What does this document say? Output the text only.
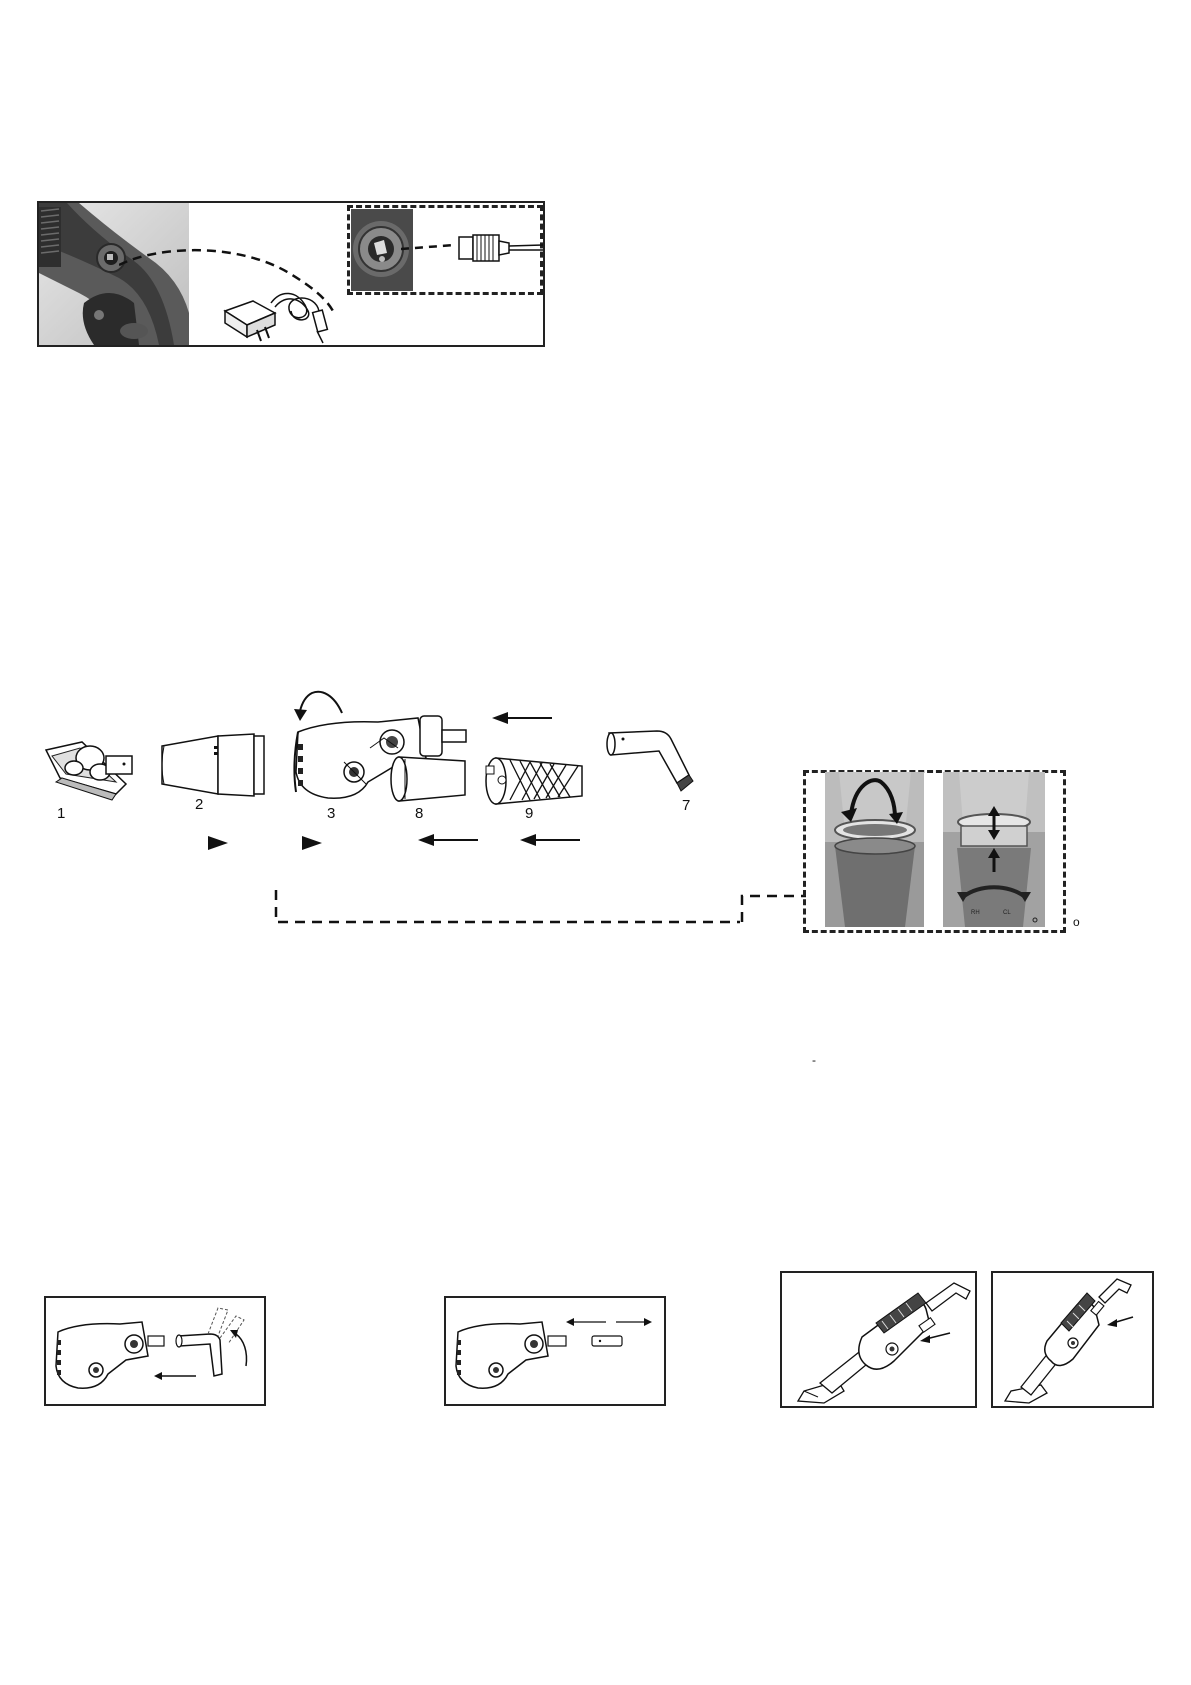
1
2
3	8	9	7
RH	CL
o
-
